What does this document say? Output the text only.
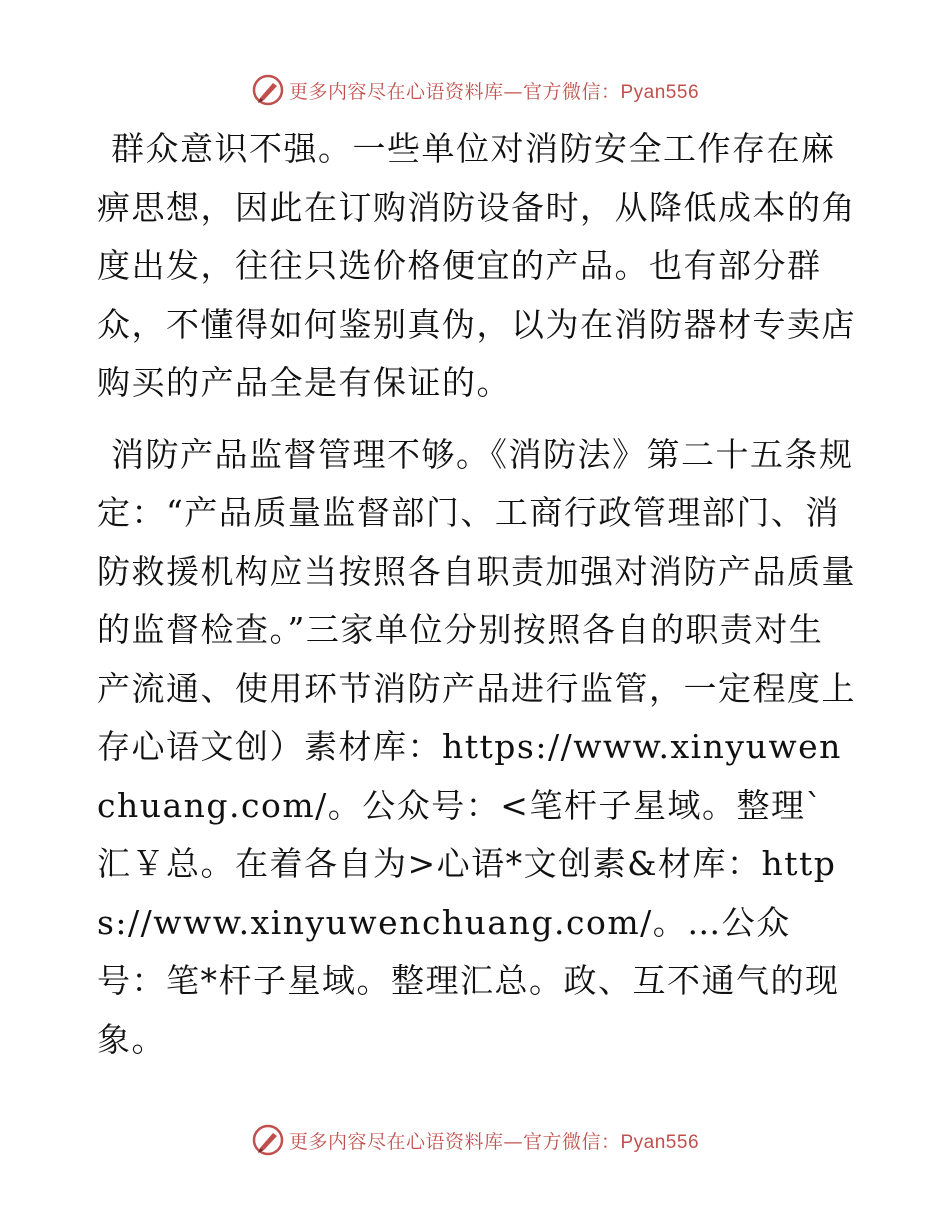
更多内容尽在心语资料库—官方微信：Pyan556

群众意识不强。一些单位对消防安全工作存在麻痹思想，因此在订购消防设备时，从降低成本的角度出发，往往只选价格便宜的产品。也有部分群众，不懂得如何鉴别真伪，以为在消防器材专卖店购买的产品全是有保证的。

消防产品监督管理不够。《消防法》第二十五条规定：“产品质量监督部门、工商行政管理部门、消防救援机构应当按照各自职责加强对消防产品质量的监督检查。”三家单位分别按照各自的职责对生产流通、使用环节消防产品进行监管，一定程度上存心语文创）素材库：https://www.xinyuwenchuang.com/。公众号：<笔杆子星域。整理`汇￥总。在着各自为>心语*文创素&材库：https://www.xinyuwenchuang.com/。…公众号：笔*杆子星域。整理汇总。政、互不通气的现象。

更多内容尽在心语资料库—官方微信：Pyan556
